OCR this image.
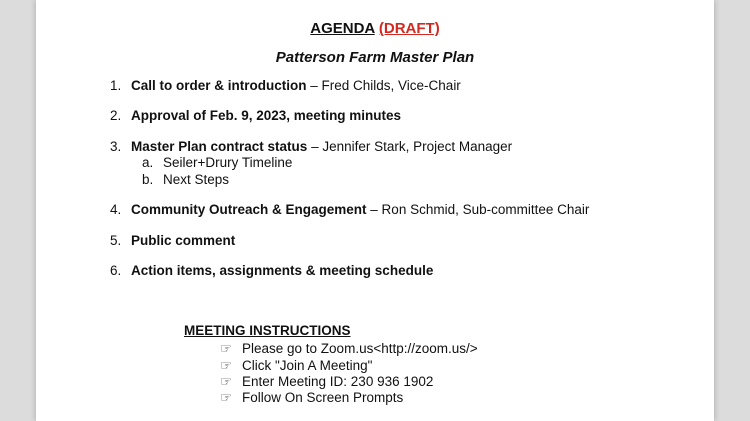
AGENDA (DRAFT)
Patterson Farm Master Plan
1. Call to order & introduction – Fred Childs, Vice-Chair
2. Approval of Feb. 9, 2023, meeting minutes
3. Master Plan contract status – Jennifer Stark, Project Manager
a. Seiler+Drury Timeline
b. Next Steps
4. Community Outreach & Engagement – Ron Schmid, Sub-committee Chair
5. Public comment
6. Action items, assignments & meeting schedule
MEETING INSTRUCTIONS
☞ Please go to Zoom.us<http://zoom.us/>
☞ Click "Join A Meeting"
☞ Enter Meeting ID: 230 936 1902
☞ Follow On Screen Prompts
